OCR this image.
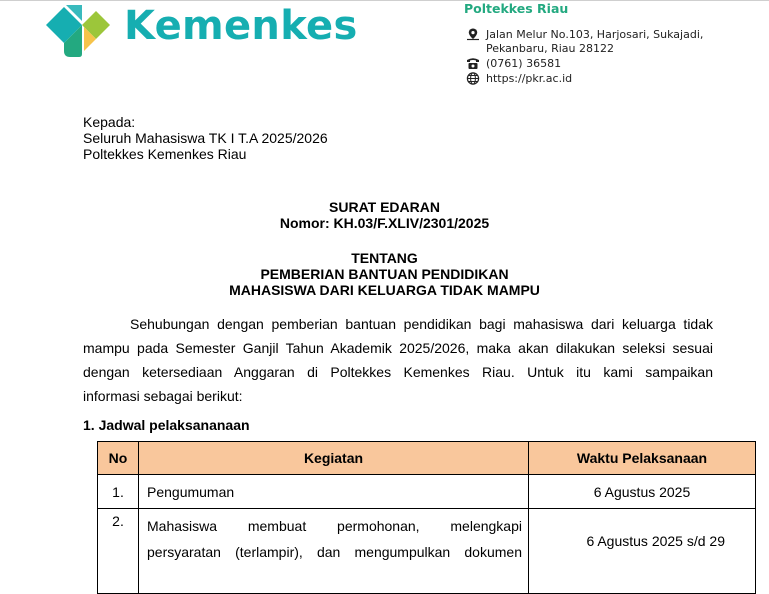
Kemenkes	Poltekkes Riau
Jalan Melur No.103, Harjosari, Sukajadi,
Pekanbaru, Riau 28122
(0761) 36581
https://pkr.ac.id
Kepada:
Seluruh Mahasiswa TK I T.A 2025/2026
Poltekkes Kemenkes Riau
SURAT EDARAN
Nomor: KH.03/F.XLIV/2301/2025
TENTANG
PEMBERIAN BANTUAN PENDIDIKAN
MAHASISWA DARI KELUARGA TIDAK MAMPU
Sehubungan dengan pemberian bantuan pendidikan bagi mahasiswa dari keluarga tidak
mampu pada Semester Ganjil Tahun Akademik 2025/2026, maka akan dilakukan seleksi sesuai
dengan ketersediaan Anggaran di Poltekkes Kemenkes Riau. Untuk itu kami sampaikan
informasi sebagai berikut:
1. Jadwal pelaksananaan
No	Kegiatan	Waktu Pelaksanaan
1.	Pengumuman	6 Agustus 2025
2.	Mahasiswa membuat permohonan, melengkapi
persyaratan (terlampir), dan mengumpulkan dokumen	6 Agustus 2025 s/d 29
